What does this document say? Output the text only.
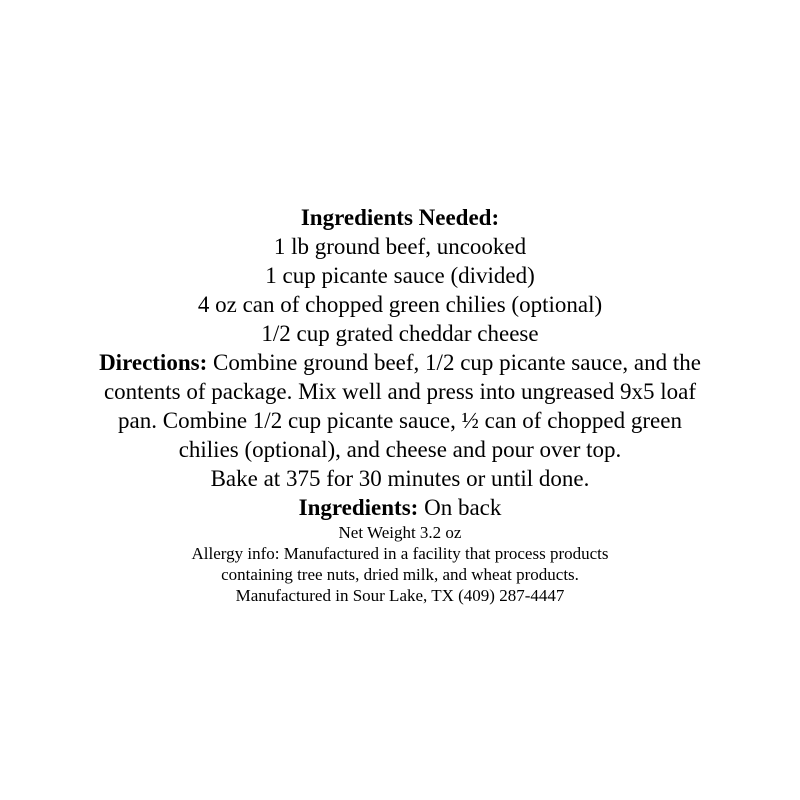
Ingredients Needed:

1 lb ground beef, uncooked

1 cup picante sauce (divided)

4 oz can of chopped green chilies (optional)

1/2 cup grated cheddar cheese

Directions: Combine ground beef, 1/2 cup picante sauce, and the

contents of package. Mix well and press into ungreased 9x5 loaf

pan. Combine 1/2 cup picante sauce, ½ can of chopped green

chilies (optional), and cheese and pour over top.

Bake at 375 for 30 minutes or until done.

Ingredients: On back

Net Weight 3.2 oz

Allergy info: Manufactured in a facility that process products

containing tree nuts, dried milk, and wheat products.

Manufactured in Sour Lake, TX (409) 287-4447
